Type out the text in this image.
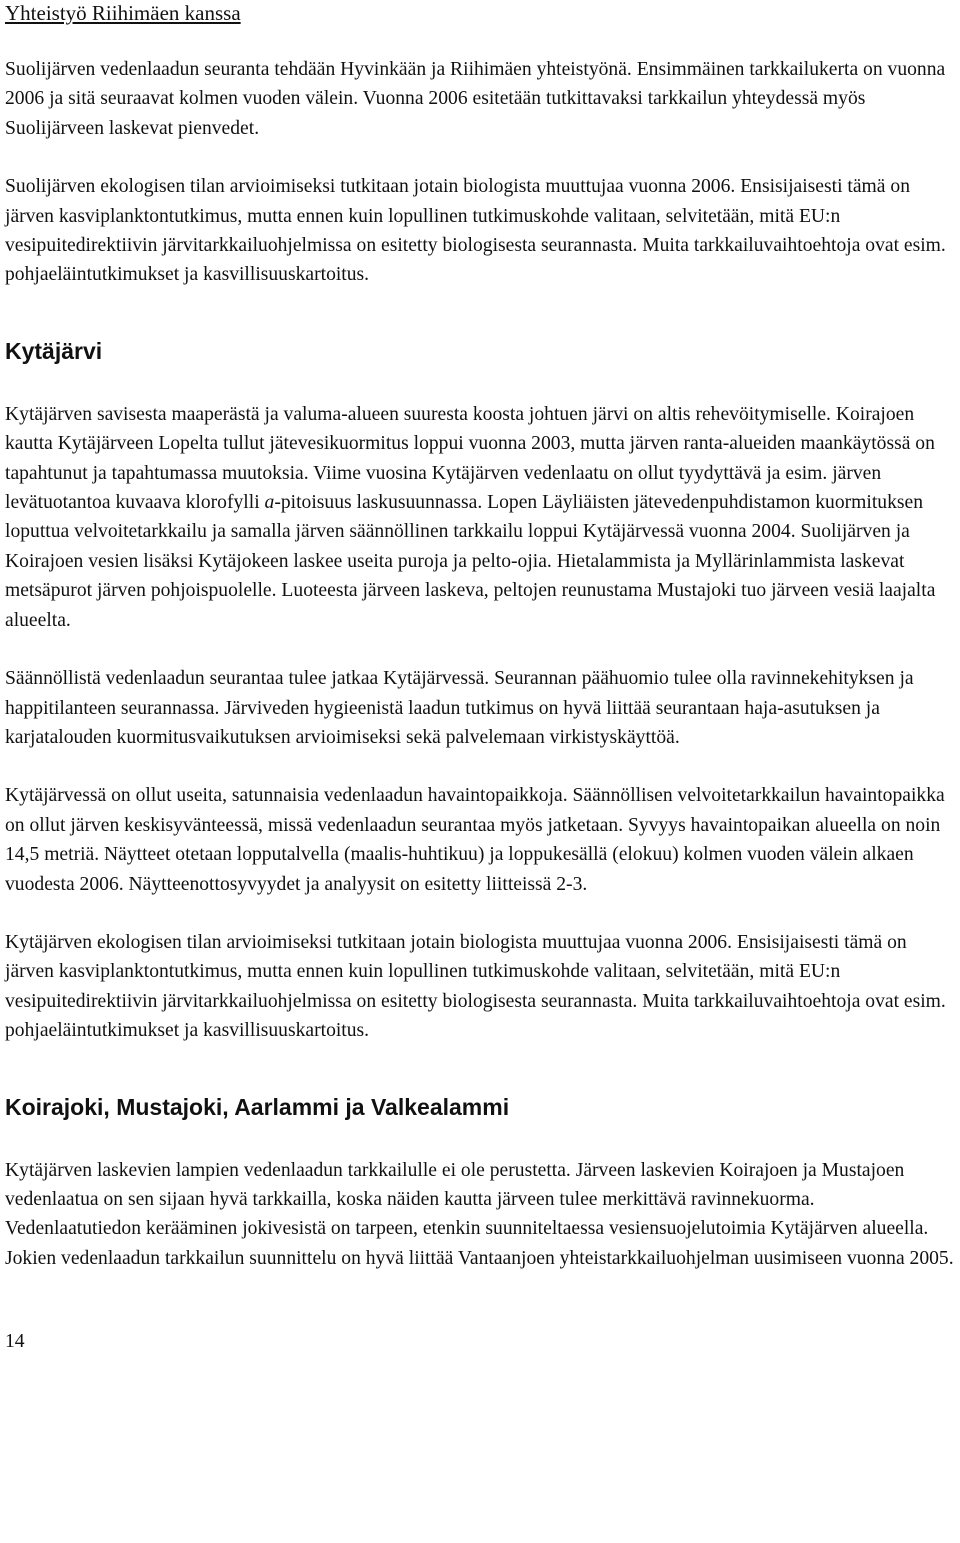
Yhteistyö Riihimäen kanssa

Suolijärven vedenlaadun seuranta tehdään Hyvinkään ja Riihimäen yhteistyönä. Ensimmäinen tarkkailukerta on vuonna 2006 ja sitä seuraavat kolmen vuoden välein. Vuonna 2006 esitetään tutkittavaksi tarkkailun yhteydessä myös Suolijärveen laskevat pienvedet.

Suolijärven ekologisen tilan arvioimiseksi tutkitaan jotain biologista muuttujaa vuonna 2006. Ensisijaisesti tämä on järven kasviplanktontutkimus, mutta ennen kuin lopullinen tutkimuskohde valitaan, selvitetään, mitä EU:n vesipuitedirektiivin järvitarkkailuohjelmissa on esitetty biologisesta seurannasta. Muita tarkkailuvaihtoehtoja ovat esim. pohjaeläintutkimukset ja kasvillisuuskartoitus.

Kytäjärvi

Kytäjärven savisesta maaperästä ja valuma-alueen suuresta koosta johtuen järvi on altis rehevöitymiselle. Koirajoen kautta Kytäjärveen Lopelta tullut jätevesikuormitus loppui vuonna 2003, mutta järven ranta-alueiden maankäytössä on tapahtunut ja tapahtumassa muutoksia. Viime vuosina Kytäjärven vedenlaatu on ollut tyydyttävä ja esim. järven levätuotantoa kuvaava klorofylli a-pitoisuus laskusuunnassa. Lopen Läyliäisten jätevedenpuhdistamon kuormituksen loputtua velvoitetarkkailu ja samalla järven säännöllinen tarkkailu loppui Kytäjärvessä vuonna 2004. Suolijärven ja Koirajoen vesien lisäksi Kytäjokeen laskee useita puroja ja pelto-ojia. Hietalammista ja Myllärinlammista laskevat metsäpurot järven pohjoispuolelle. Luoteesta järveen laskeva, peltojen reunustama Mustajoki tuo järveen vesiä laajalta alueelta.

Säännöllistä vedenlaadun seurantaa tulee jatkaa Kytäjärvessä. Seurannan päähuomio tulee olla ravinnekehityksen ja happitilanteen seurannassa. Järviveden hygieenistä laadun tutkimus on hyvä liittää seurantaan haja-asutuksen ja karjatalouden kuormitusvaikutuksen arvioimiseksi sekä palvelemaan virkistyskäyttöä.

Kytäjärvessä on ollut useita, satunnaisia vedenlaadun havaintopaikkoja. Säännöllisen velvoitetarkkailun havaintopaikka on ollut järven keskisyvänteessä, missä vedenlaadun seurantaa myös jatketaan. Syvyys havaintopaikan alueella on noin 14,5 metriä. Näytteet otetaan lopputalvella (maalis-huhtikuu) ja loppukesällä (elokuu) kolmen vuoden välein alkaen vuodesta 2006. Näytteenottosyvyydet ja analyysit on esitetty liitteissä 2-3.

Kytäjärven ekologisen tilan arvioimiseksi tutkitaan jotain biologista muuttujaa vuonna 2006. Ensisijaisesti tämä on järven kasviplanktontutkimus, mutta ennen kuin lopullinen tutkimuskohde valitaan, selvitetään, mitä EU:n vesipuitedirektiivin järvitarkkailuohjelmissa on esitetty biologisesta seurannasta. Muita tarkkailuvaihtoehtoja ovat esim. pohjaeläintutkimukset ja kasvillisuuskartoitus.

Koirajoki, Mustajoki, Aarlammi ja Valkealammi

Kytäjärven laskevien lampien vedenlaadun tarkkailulle ei ole perustetta. Järveen laskevien Koirajoen ja Mustajoen vedenlaatua on sen sijaan hyvä tarkkailla, koska näiden kautta järveen tulee merkittävä ravinnekuorma. Vedenlaatutiedon kerääminen jokivesistä on tarpeen, etenkin suunniteltaessa vesiensuojelutoimia Kytäjärven alueella. Jokien vedenlaadun tarkkailun suunnittelu on hyvä liittää Vantaanjoen yhteistarkkailuohjelman uusimiseen vuonna 2005.

14
